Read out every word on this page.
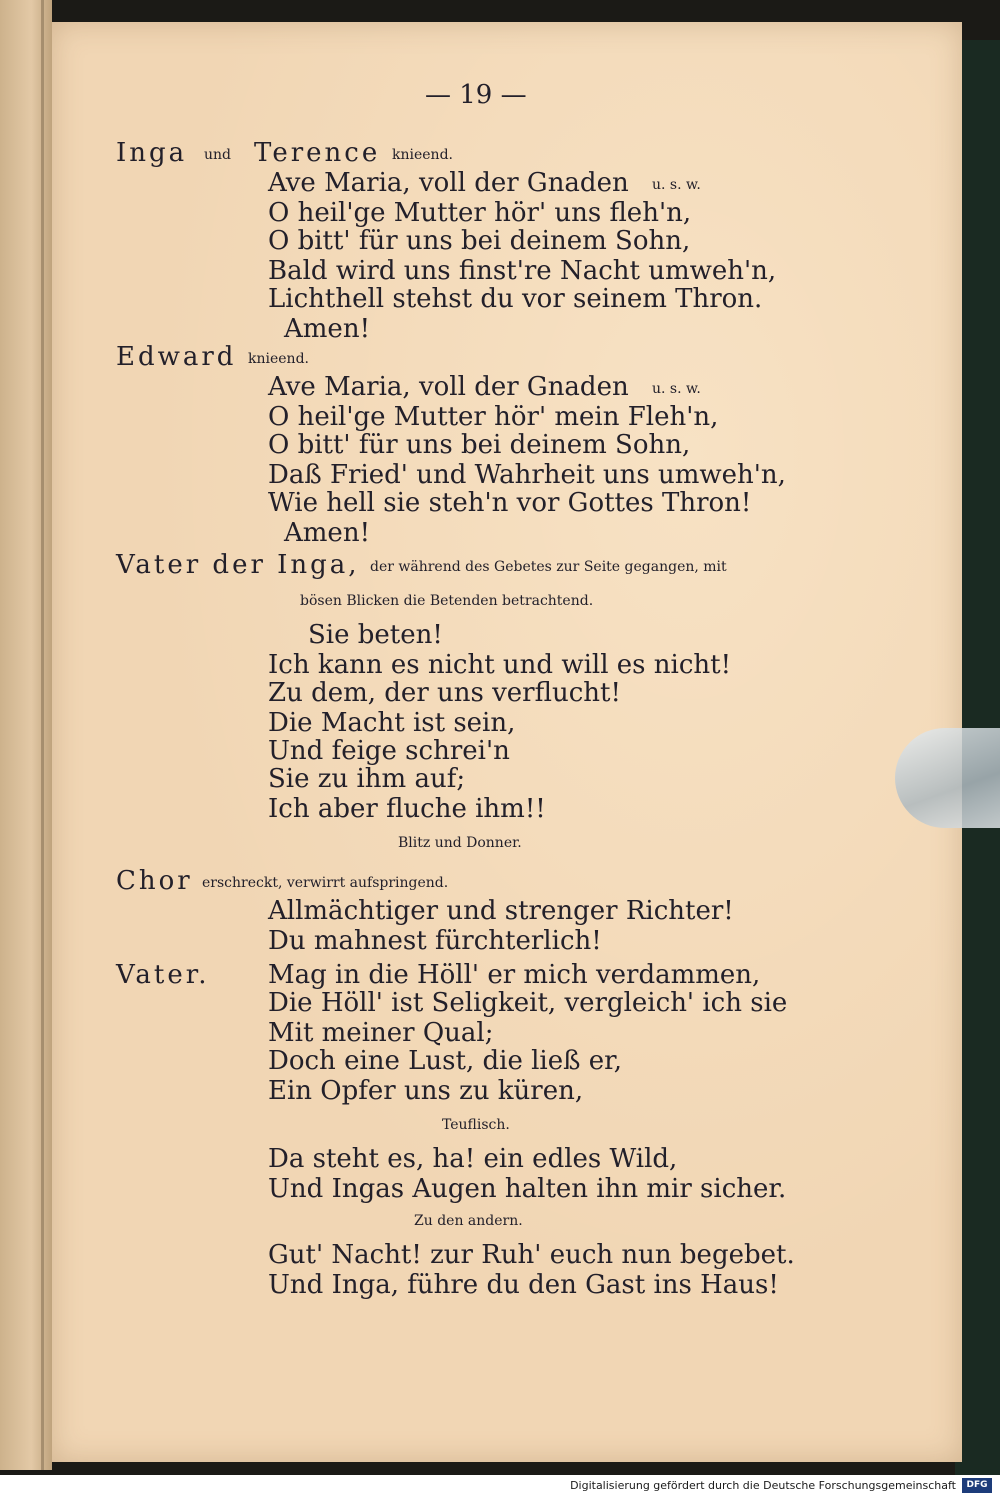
— 19 —
Inga und Terence knieend.
Ave Maria, voll der Gnaden u. s. w.
O heil'ge Mutter hör' uns fleh'n,
O bitt' für uns bei deinem Sohn,
Bald wird uns finst're Nacht umweh'n,
Lichthell stehst du vor seinem Thron.
Amen!
Edward knieend.
Ave Maria, voll der Gnaden u. s. w.
O heil'ge Mutter hör' mein Fleh'n,
O bitt' für uns bei deinem Sohn,
Daß Fried' und Wahrheit uns umweh'n,
Wie hell sie steh'n vor Gottes Thron!
Amen!
Vater der Inga, der während des Gebetes zur Seite gegangen, mit
bösen Blicken die Betenden betrachtend.
Sie beten!
Ich kann es nicht und will es nicht!
Zu dem, der uns verflucht!
Die Macht ist sein,
Und feige schrei'n
Sie zu ihm auf;
Ich aber fluche ihm!!
Blitz und Donner.
Chor erschreckt, verwirrt aufspringend.
Allmächtiger und strenger Richter!
Du mahnest fürchterlich!
Vater. Mag in die Höll' er mich verdammen,
Die Höll' ist Seligkeit, vergleich' ich sie
Mit meiner Qual;
Doch eine Lust, die ließ er,
Ein Opfer uns zu küren,
Teuflisch.
Da steht es, ha! ein edles Wild,
Und Ingas Augen halten ihn mir sicher.
Zu den andern.
Gut' Nacht! zur Ruh' euch nun begebet.
Und Inga, führe du den Gast ins Haus!
Digitalisierung gefördert durch die Deutsche Forschungsgemeinschaft	DFG
